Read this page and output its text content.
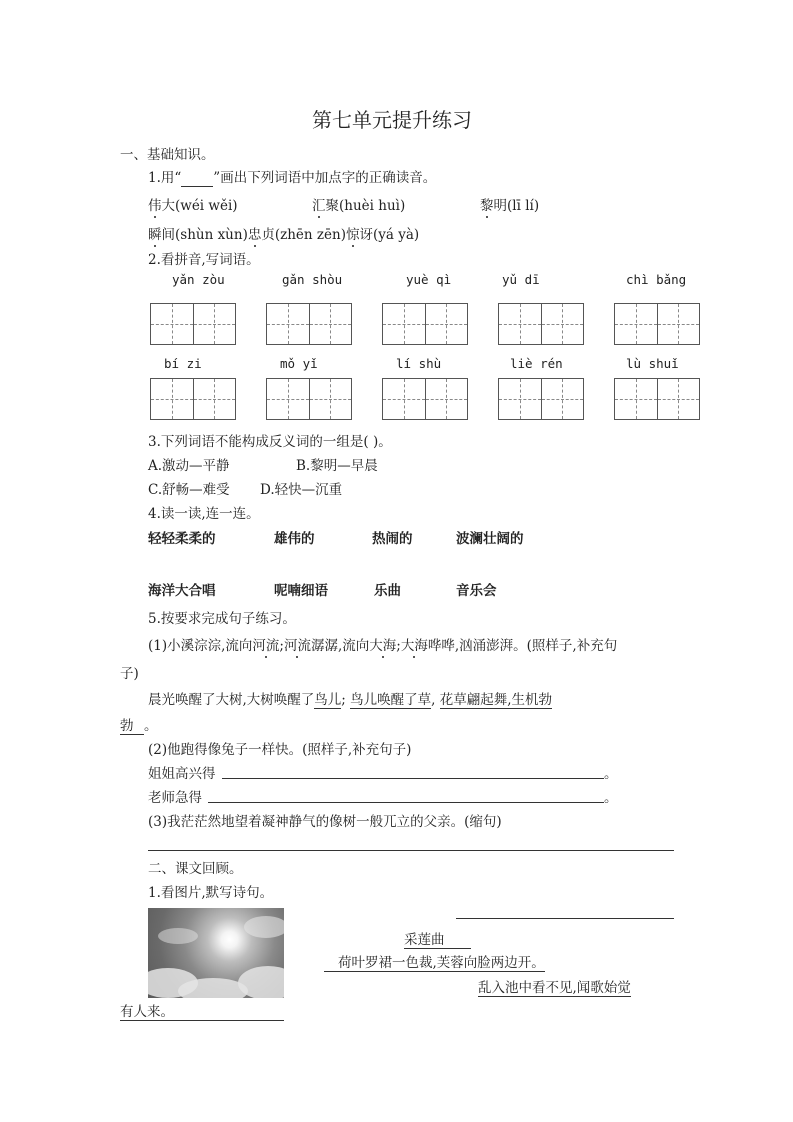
第七单元提升练习
一、基础知识。
1.用“ ”画出下列词语中加点字的正确读音。
伟大(wéi wěi)	汇聚(huèi huì)	黎明(lī lí)
瞬间(shùn xùn)忠贞(zhēn zēn)惊讶(yá yà)
2.看拼音,写词语。
yǎn zòu	gǎn shòu	yuè qì	yǔ dī	chì bǎng
bí zi	mǒ yǐ	lí shù	liè rén	lù shuǐ
3.下列词语不能构成反义词的一组是( )。
A.激动—平静	B.黎明—早晨
C.舒畅—难受 D.轻快—沉重
4.读一读,连一连。
轻轻柔柔的	雄伟的	热闹的	波澜壮阔的
海洋大合唱	呢喃细语	乐曲	音乐会
5.按要求完成句子练习。
(1)小溪淙淙,流向河流;河流潺潺,流向大海;大海哗哗,汹涌澎湃。(照样子,补充句
子)
晨光唤醒了大树,大树唤醒了鸟儿; 鸟儿唤醒了草, 花草翩起舞,生机勃
勃 。
(2)他跑得像兔子一样快。(照样子,补充句子)
姐姐高兴得	。
老师急得	。
(3)我茫茫然地望着凝神静气的像树一般兀立的父亲。(缩句)
二、课文回顾。
1.看图片,默写诗句。
采莲曲
荷叶罗裙一色裁,芙蓉向脸两边开。
乱入池中看不见,闻歌始觉
有人来。
